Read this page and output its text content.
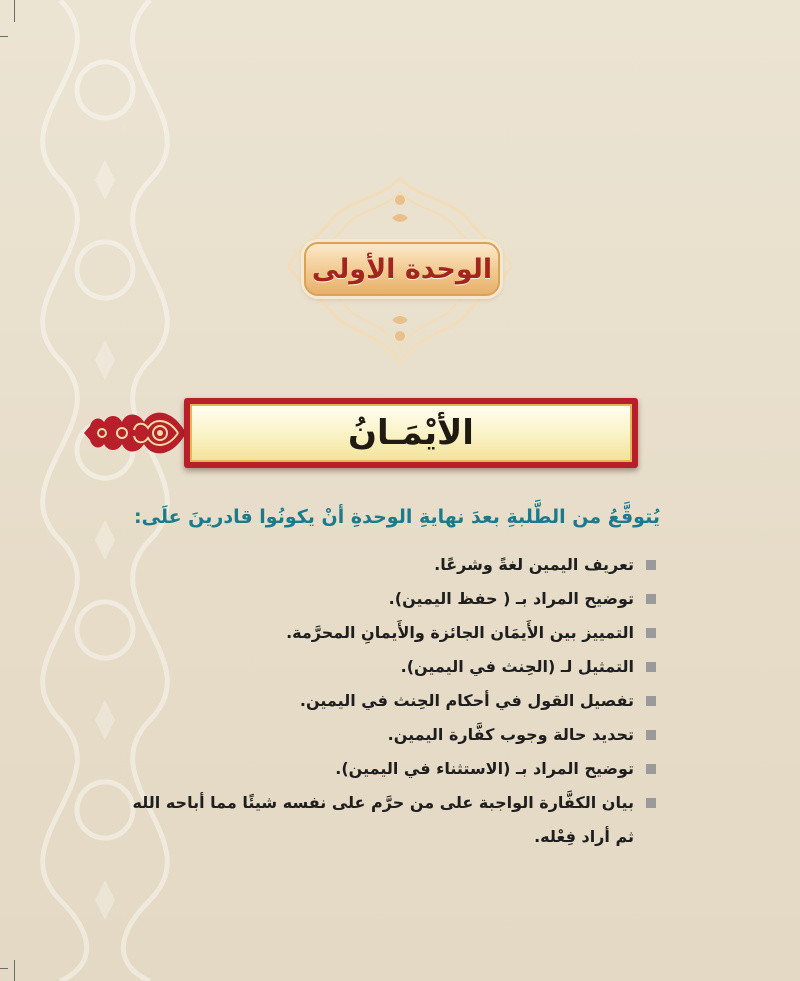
الوحدة الأولى
الأيْمَـانُ

يُتوقَّعُ من الطَّلبةِ بعدَ نهايةِ الوحدةِ أنْ يكونُوا قادرينَ علَى:

تعريف اليمين لغةً وشرعًا.
توضيح المراد بـ ( حفظ اليمين).
التمييز بين الأَيمَان الجائزة والأَيمانِ المحرَّمة.
التمثيل لـ (الحِنث في اليمين).
تفصيل القول في أحكام الحِنث في اليمين.
تحديد حالة وجوب كفَّارة اليمين.
توضيح المراد بـ (الاستثناء في اليمين).
بيان الكفَّارة الواجبة على من حرَّم على نفسه شيئًا مما أباحه الله ثم أراد فِعْله.
